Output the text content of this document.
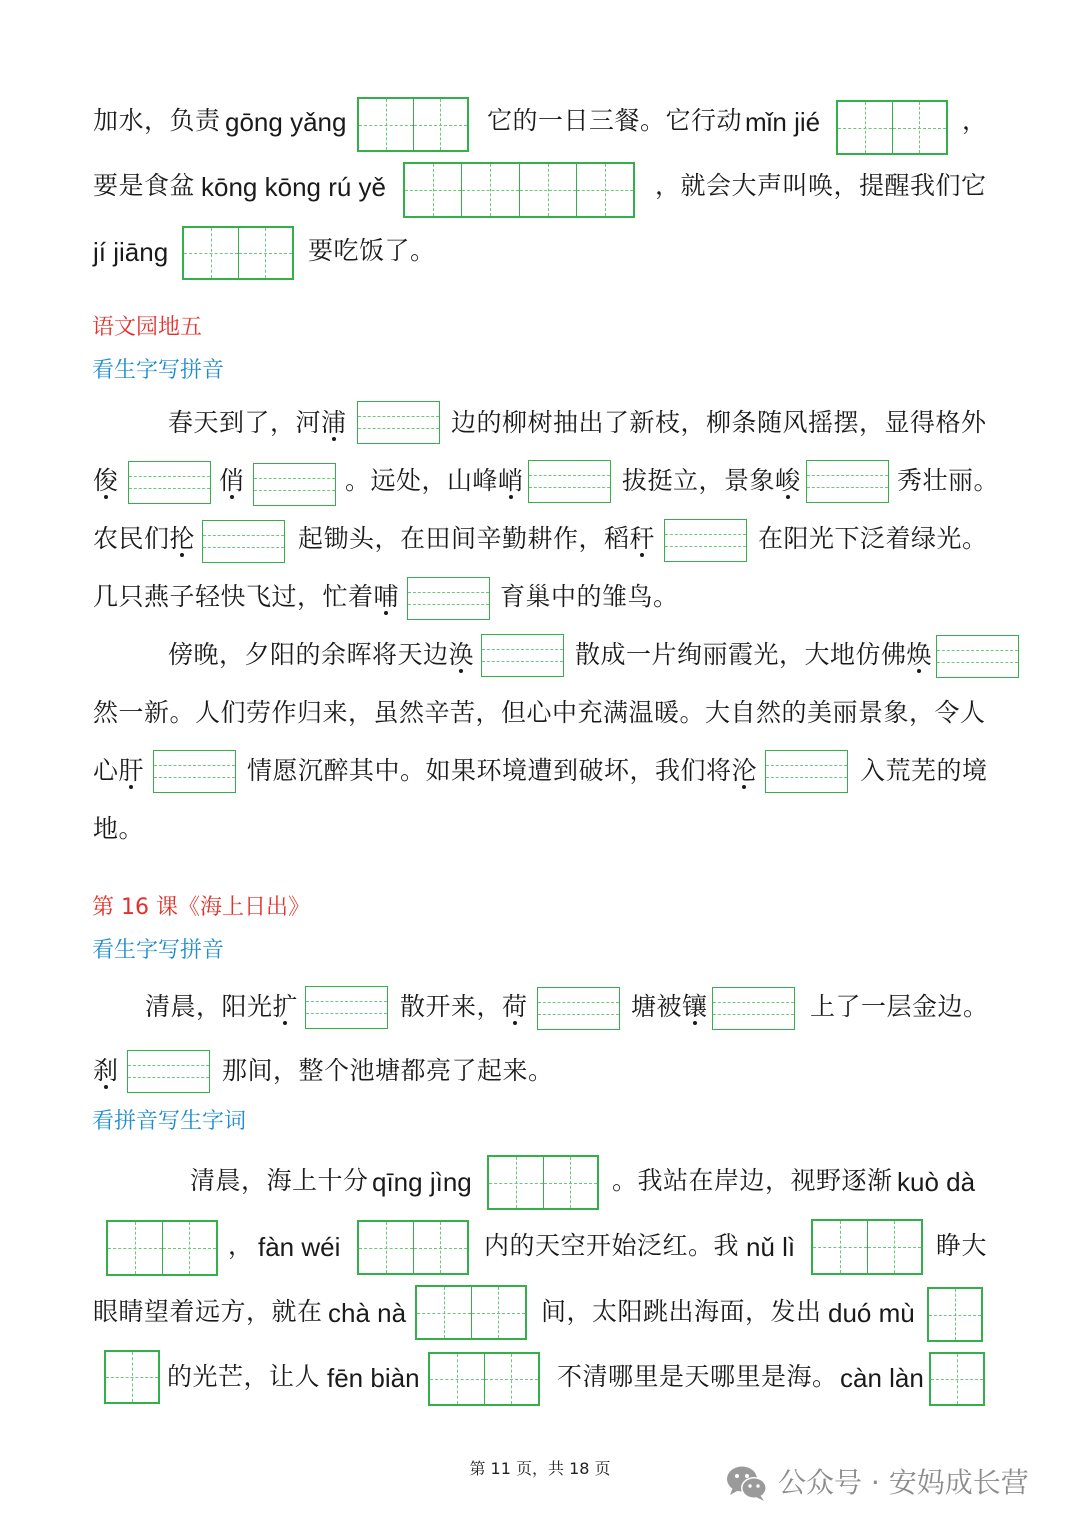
加水，负责 gōng yǎng	它的一日三餐。它行动 mǐn jié	，
要是食盆 kōng kōng rú yě	，就会大声叫唤，提醒我们它
jí jiāng	要吃饭了。
语文园地五
看生字写拼音
春天到了，河浦	边的柳树抽出了新枝，柳条随风摇摆，显得格外
俊	俏	。远处，山峰峭	拔挺立，景象峻	秀壮丽。
农民们抡	起锄头，在田间辛勤耕作，稻秆	在阳光下泛着绿光。
几只燕子轻快飞过，忙着哺	育巢中的雏鸟。
傍晚，夕阳的余晖将天边涣	散成一片绚丽霞光，大地仿佛焕
然一新。人们劳作归来，虽然辛苦，但心中充满温暖。大自然的美丽景象，令人
心肝	情愿沉醉其中。如果环境遭到破坏，我们将沦	入荒芜的境
地。
第 16 课《海上日出》
看生字写拼音
清晨，阳光扩	散开来，荷	塘被镶	上了一层金边。
刹	那间，整个池塘都亮了起来。
看拼音写生字词
清晨，海上十分 qīng jìng	。我站在岸边，视野逐渐 kuò dà
， fàn wéi	内的天空开始泛红。我 nǔ lì	睁大
眼睛望着远方，就在 chà nà	间，太阳跳出海面，发出 duó mù
的光芒，让人 fēn biàn	不清哪里是天哪里是海。 càn làn
第 11 页，共 18 页	公众号 · 安妈成长营
